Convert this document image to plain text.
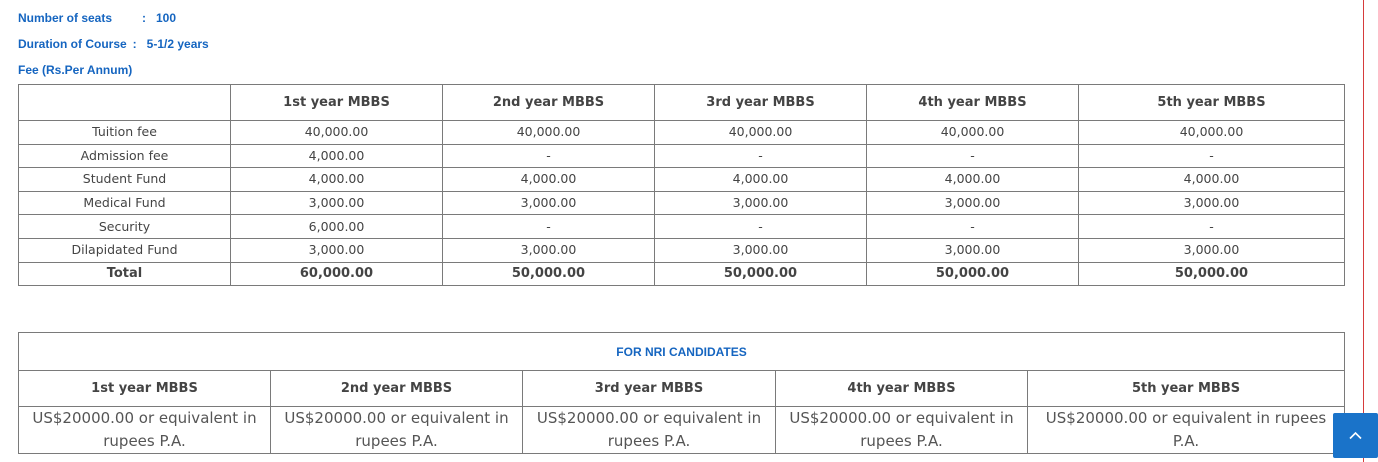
Number of seats : 100
Duration of Course : 5-1/2 years
Fee (Rs.Per Annum)
	1st year MBBS	2nd year MBBS	3rd year MBBS	4th year MBBS	5th year MBBS
Tuition fee	40,000.00	40,000.00	40,000.00	40,000.00	40,000.00
Admission fee	4,000.00	-	-	-	-
Student Fund	4,000.00	4,000.00	4,000.00	4,000.00	4,000.00
Medical Fund	3,000.00	3,000.00	3,000.00	3,000.00	3,000.00
Security	6,000.00	-	-	-	-
Dilapidated Fund	3,000.00	3,000.00	3,000.00	3,000.00	3,000.00
Total	60,000.00	50,000.00	50,000.00	50,000.00	50,000.00
FOR NRI CANDIDATES				
1st year MBBS	2nd year MBBS	3rd year MBBS	4th year MBBS	5th year MBBS
US$20000.00 or equivalent in rupees P.A.	US$20000.00 or equivalent in rupees P.A.	US$20000.00 or equivalent in rupees P.A.	US$20000.00 or equivalent in rupees P.A.	US$20000.00 or equivalent in rupees P.A.
